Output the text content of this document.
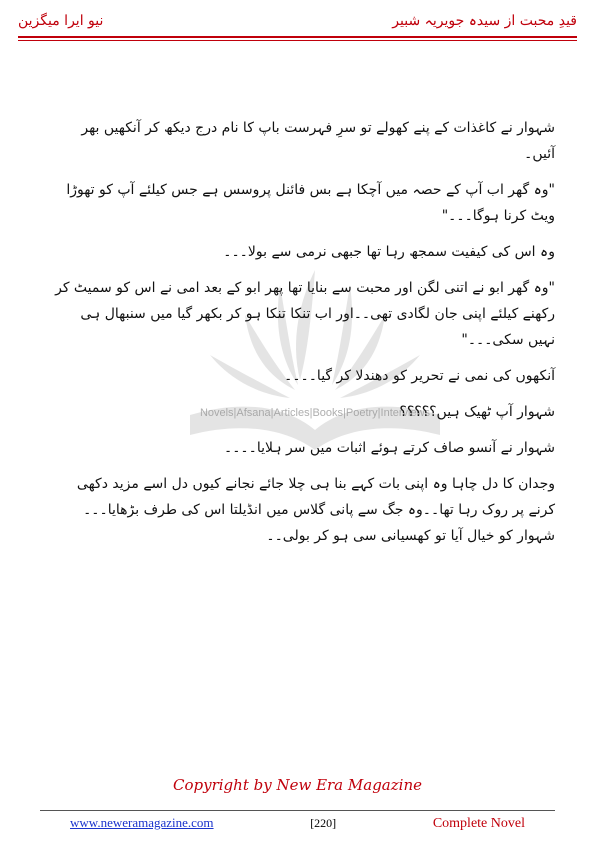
نیو ایرا میگزین	قیدِ محبت از سیدہ جویریہ شبیر
Novels|Afsana|Articles|Books|Poetry|Interviews

شہوار نے کاغذات کے پنے کھولے تو سرِ فہرست باپ کا نام درج دیکھ کر آنکھیں بھر

آئیں۔

"وہ گھر اب آپ کے حصہ میں آچکا ہے بس فائنل پروسس ہے جس کیلئے آپ کو تھوڑا

ویٹ کرنا ہوگا۔۔۔"

وہ اس کی کیفیت سمجھ رہا تھا جبھی نرمی سے بولا۔۔۔

"وہ گھر ابو نے اتنی لگن اور محبت سے بنایا تھا پھر ابو کے بعد امی نے اس کو سمیٹ کر

رکھنے کیلئے اپنی جان لگادی تھی۔۔اور اب تنکا تنکا ہو کر بکھر گیا میں سنبھال ہی

نہیں سکی۔۔۔"

آنکھوں کی نمی نے تحریر کو دھندلا کر گیا۔۔۔۔

شہوار آپ ٹھیک ہیں؟؟؟؟؟

شہوار نے آنسو صاف کرتے ہوئے اثبات میں سر ہلایا۔۔۔۔

وجدان کا دل چاہا وہ اپنی بات کہے بنا ہی چلا جائے نجانے کیوں دل اسے مزید دکھی

کرنے پر روک رہا تھا۔۔وہ جگ سے پانی گلاس میں انڈیلتا اس کی طرف بڑھایا۔۔۔

شہوار کو خیال آیا تو کھسیانی سی ہو کر بولی۔۔

Copyright by New Era Magazine
www.neweramagazine.com	[220]	Complete Novel
